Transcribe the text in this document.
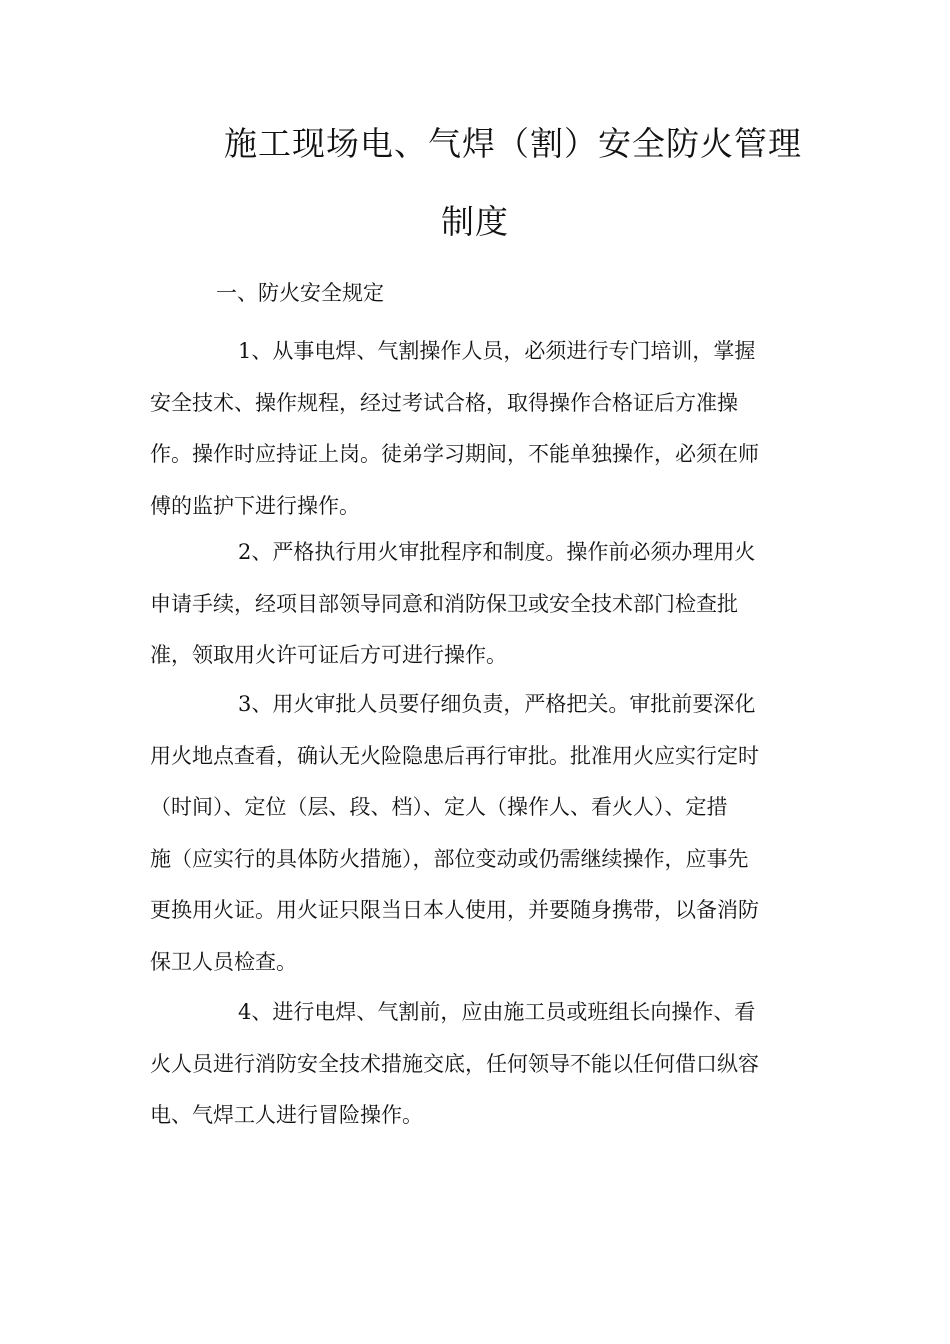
施工现场电、气焊（割）安全防火管理
制度
一、防火安全规定
1、从事电焊、气割操作人员，必须进行专门培训，掌握
安全技术、操作规程，经过考试合格，取得操作合格证后方准操
作。操作时应持证上岗。徒弟学习期间，不能单独操作，必须在师
傅的监护下进行操作。
2、严格执行用火审批程序和制度。操作前必须办理用火
申请手续，经项目部领导同意和消防保卫或安全技术部门检查批
准，领取用火许可证后方可进行操作。
3、用火审批人员要仔细负责，严格把关。审批前要深化
用火地点查看，确认无火险隐患后再行审批。批准用火应实行定时
（时间）、定位（层、段、档）、定人（操作人、看火人）、定措
施（应实行的具体防火措施），部位变动或仍需继续操作，应事先
更换用火证。用火证只限当日本人使用，并要随身携带，以备消防
保卫人员检查。
4、进行电焊、气割前，应由施工员或班组长向操作、看
火人员进行消防安全技术措施交底，任何领导不能以任何借口纵容
电、气焊工人进行冒险操作。
